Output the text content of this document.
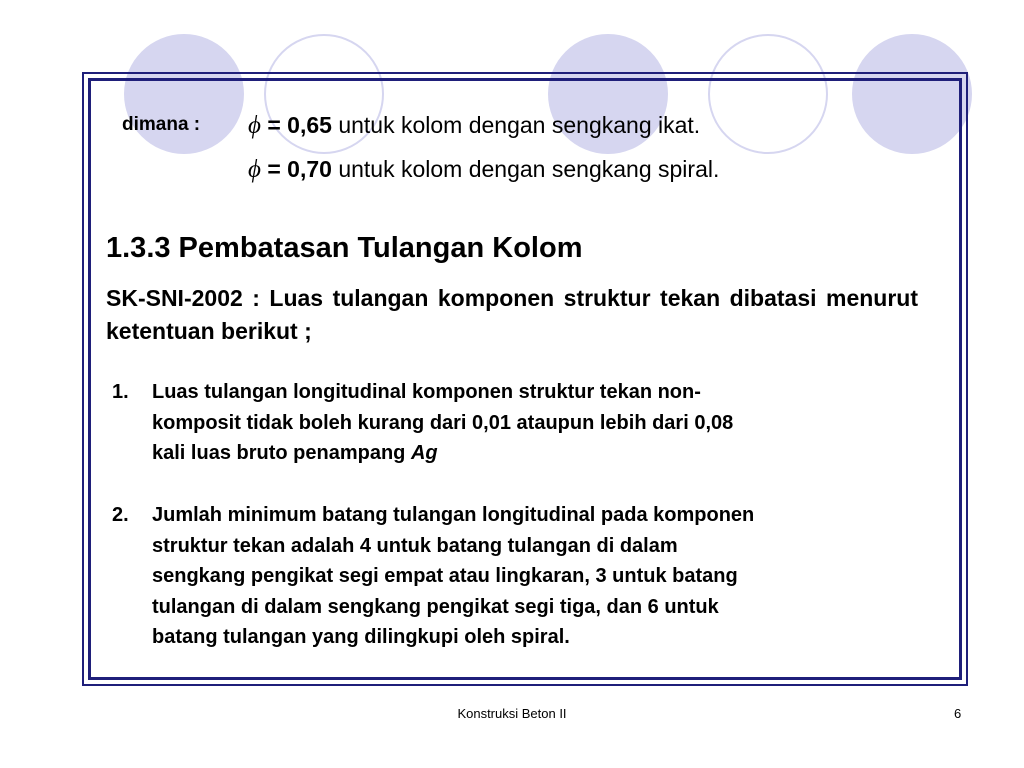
dimana : ϕ = 0,65 untuk kolom dengan sengkang ikat.
ϕ = 0,70 untuk kolom dengan sengkang spiral.
1.3.3 Pembatasan Tulangan Kolom
SK-SNI-2002 : Luas tulangan komponen struktur tekan dibatasi menurut ketentuan berikut ;
1. Luas tulangan longitudinal komponen struktur tekan non-
komposit tidak boleh kurang dari 0,01 ataupun lebih dari 0,08
kali luas bruto penampang Ag
2. Jumlah minimum batang tulangan longitudinal pada komponen
struktur tekan adalah 4 untuk batang tulangan di dalam
sengkang pengikat segi empat atau lingkaran, 3 untuk batang
tulangan di dalam sengkang pengikat segi tiga, dan 6 untuk
batang tulangan yang dilingkupi oleh spiral.
Konstruksi Beton II	6
